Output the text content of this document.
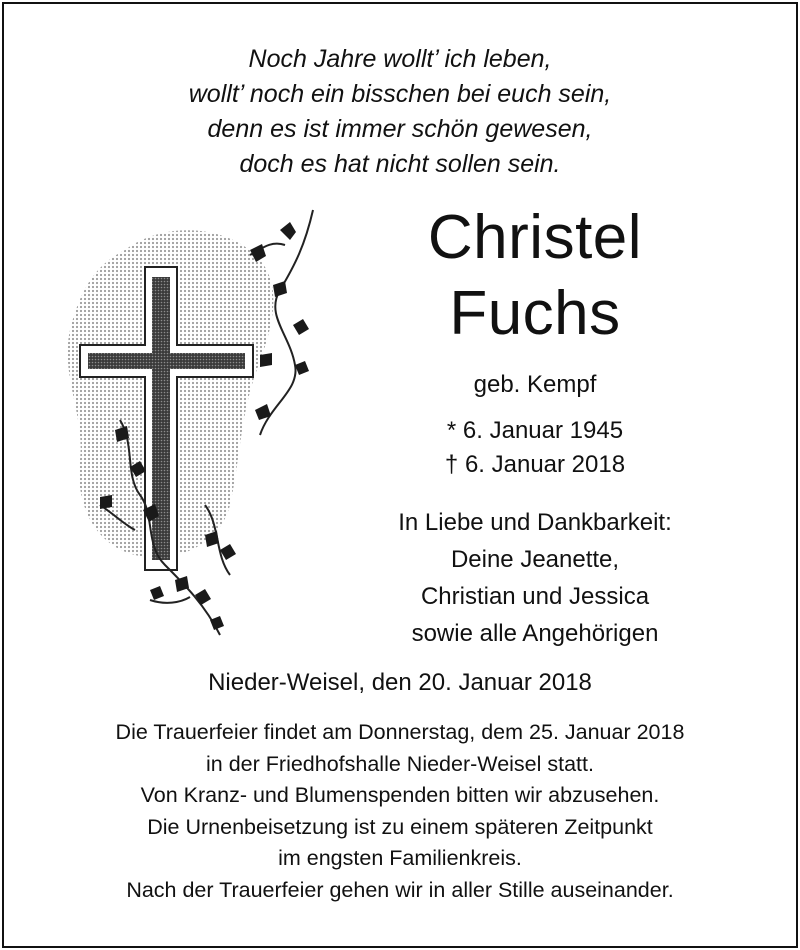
Noch Jahre wollt’ ich leben,
wollt’ noch ein bisschen bei euch sein,
denn es ist immer schön gewesen,
doch es hat nicht sollen sein.
Christel
Fuchs
geb. Kempf
* 6. Januar 1945
† 6. Januar 2018
In Liebe und Dankbarkeit:
Deine Jeanette,
Christian und Jessica
sowie alle Angehörigen
Nieder-Weisel, den 20. Januar 2018
Die Trauerfeier findet am Donnerstag, dem 25. Januar 2018
in der Friedhofshalle Nieder-Weisel statt.
Von Kranz- und Blumenspenden bitten wir abzusehen.
Die Urnenbeisetzung ist zu einem späteren Zeitpunkt
im engsten Familienkreis.
Nach der Trauerfeier gehen wir in aller Stille auseinander.
